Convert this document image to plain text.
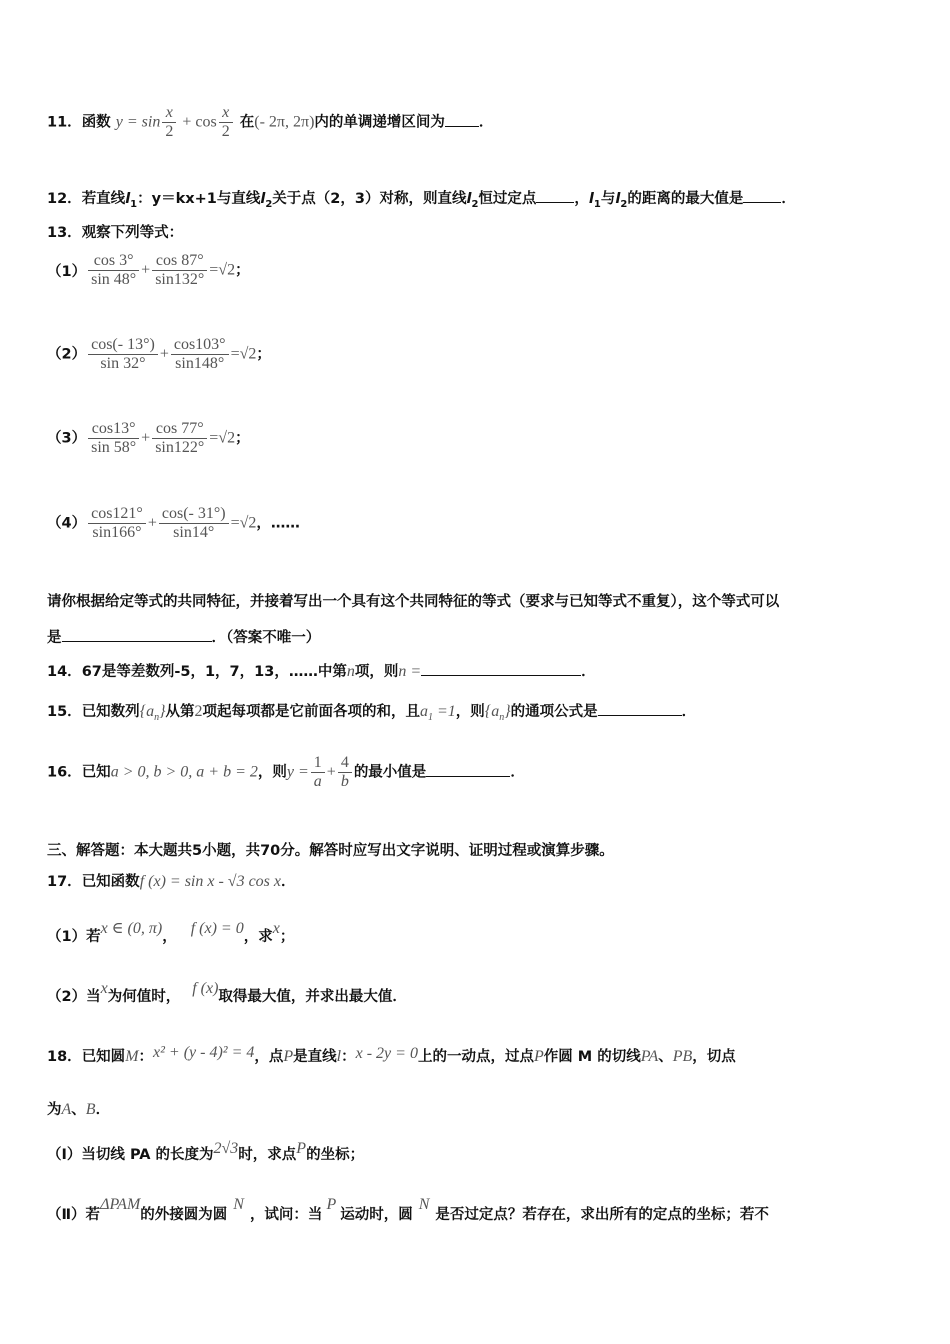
11．函数 $y = \sin \frac{x}{2} + \cos \frac{x}{2}$ 在(- 2π, 2π)内的单调递增区间为 ．
12．若直线$l_1$：y＝kx+1与直线$l_2$关于点（2，3）对称，则直线$l_2$恒过定点	，$l_1$与$l_2$的距离的最大值是	．
13．观察下列等式：
$(1) \frac{\cos 3^\circ}{\sin 48^\circ} + \frac{\cos 87^\circ}{\sin 132^\circ} =√2$；
$(2) \frac{\cos(- 13^\circ)}{\sin 32^\circ} + \frac{\cos 103^\circ}{\sin 148^\circ} =√2$；
$(3) \frac{\cos 13^\circ}{\sin 58^\circ} + \frac{\cos 77^\circ}{\sin 122^\circ} =√2$；
$(4) \frac{\cos 121^\circ}{\sin 166^\circ} + \frac{\cos(- 31^\circ)}{\sin 14^\circ} =√2$，……
请你根据给定等式的共同特征，并接着写出一个具有这个共同特征的等式（要求与已知等式不重复），这个等式可以
是	．（答案不唯一）
14．67是等差数列-5，1，7，13，……中第n项，则n =	．
15．已知数列$\{a_n\}$从第2项起每项都是它前面各项的和，且$a_1 =1$，则$\{a_n\}$的通项公式是	．
16．已知a > 0, b > 0, a + b = 2，则$y = \frac{1}{a} + \frac{4}{b}$ 的最小值是	．
三、解答题：本大题共5小题，共70分。解答时应写出文字说明、证明过程或演算步骤。
17．已知函数f (x) = sin x - √3 cos x．
（1）若x ∈ (0, π)， f (x) = 0，求x；
（2）当x为何值时， f (x)取得最大值，并求出最大值．
18．已知圆M：x² + (y - 4)² = 4，点P是直线l：x - 2y = 0上的一动点，过点P作圆 M 的切线PA、PB，切点
为A、B．
（Ⅰ）当切线 PA 的长度为2√3时，求点P的坐标；
（Ⅱ）若ΔPAM的外接圆为圆N，试问：当P运动时，圆N是否过定点？若存在，求出所有的定点的坐标；若不
